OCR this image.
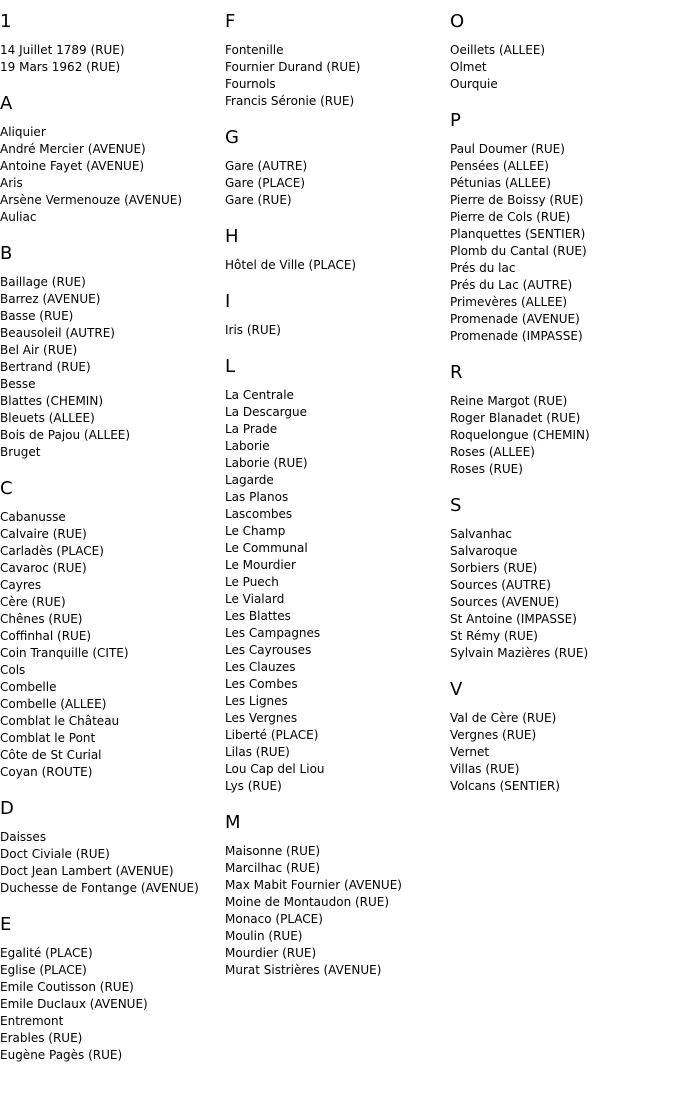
1
14 Juillet 1789 (RUE)
19 Mars 1962 (RUE)
A
Aliquier
André Mercier (AVENUE)
Antoine Fayet (AVENUE)
Aris
Arsène Vermenouze (AVENUE)
Auliac
B
Baillage (RUE)
Barrez (AVENUE)
Basse (RUE)
Beausoleil (AUTRE)
Bel Air (RUE)
Bertrand (RUE)
Besse
Blattes (CHEMIN)
Bleuets (ALLEE)
Bois de Pajou (ALLEE)
Bruget
C
Cabanusse
Calvaire (RUE)
Carladès (PLACE)
Cavaroc (RUE)
Cayres
Cère (RUE)
Chênes (RUE)
Coffinhal (RUE)
Coin Tranquille (CITE)
Cols
Combelle
Combelle (ALLEE)
Comblat le Château
Comblat le Pont
Côte de St Curial
Coyan (ROUTE)
D
Daisses
Doct Civiale (RUE)
Doct Jean Lambert (AVENUE)
Duchesse de Fontange (AVENUE)
E
Egalité (PLACE)
Eglise (PLACE)
Emile Coutisson (RUE)
Emile Duclaux (AVENUE)
Entremont
Erables (RUE)
Eugène Pagès (RUE)
F
Fontenille
Fournier Durand (RUE)
Fournols
Francis Séronie (RUE)
G
Gare (AUTRE)
Gare (PLACE)
Gare (RUE)
H
Hôtel de Ville (PLACE)
I
Iris (RUE)
L
La Centrale
La Descargue
La Prade
Laborie
Laborie (RUE)
Lagarde
Las Planos
Lascombes
Le Champ
Le Communal
Le Mourdier
Le Puech
Le Vialard
Les Blattes
Les Campagnes
Les Cayrouses
Les Clauzes
Les Combes
Les Lignes
Les Vergnes
Liberté (PLACE)
Lilas (RUE)
Lou Cap del Liou
Lys (RUE)
M
Maisonne (RUE)
Marcilhac (RUE)
Max Mabit Fournier (AVENUE)
Moine de Montaudon (RUE)
Monaco (PLACE)
Moulin (RUE)
Mourdier (RUE)
Murat Sistrières (AVENUE)
O
Oeillets (ALLEE)
Olmet
Ourquie
P
Paul Doumer (RUE)
Pensées (ALLEE)
Pétunias (ALLEE)
Pierre de Boissy (RUE)
Pierre de Cols (RUE)
Planquettes (SENTIER)
Plomb du Cantal (RUE)
Prés du lac
Prés du Lac (AUTRE)
Primevères (ALLEE)
Promenade (AVENUE)
Promenade (IMPASSE)
R
Reine Margot (RUE)
Roger Blanadet (RUE)
Roquelongue (CHEMIN)
Roses (ALLEE)
Roses (RUE)
S
Salvanhac
Salvaroque
Sorbiers (RUE)
Sources (AUTRE)
Sources (AVENUE)
St Antoine (IMPASSE)
St Rémy (RUE)
Sylvain Mazières (RUE)
V
Val de Cère (RUE)
Vergnes (RUE)
Vernet
Villas (RUE)
Volcans (SENTIER)
